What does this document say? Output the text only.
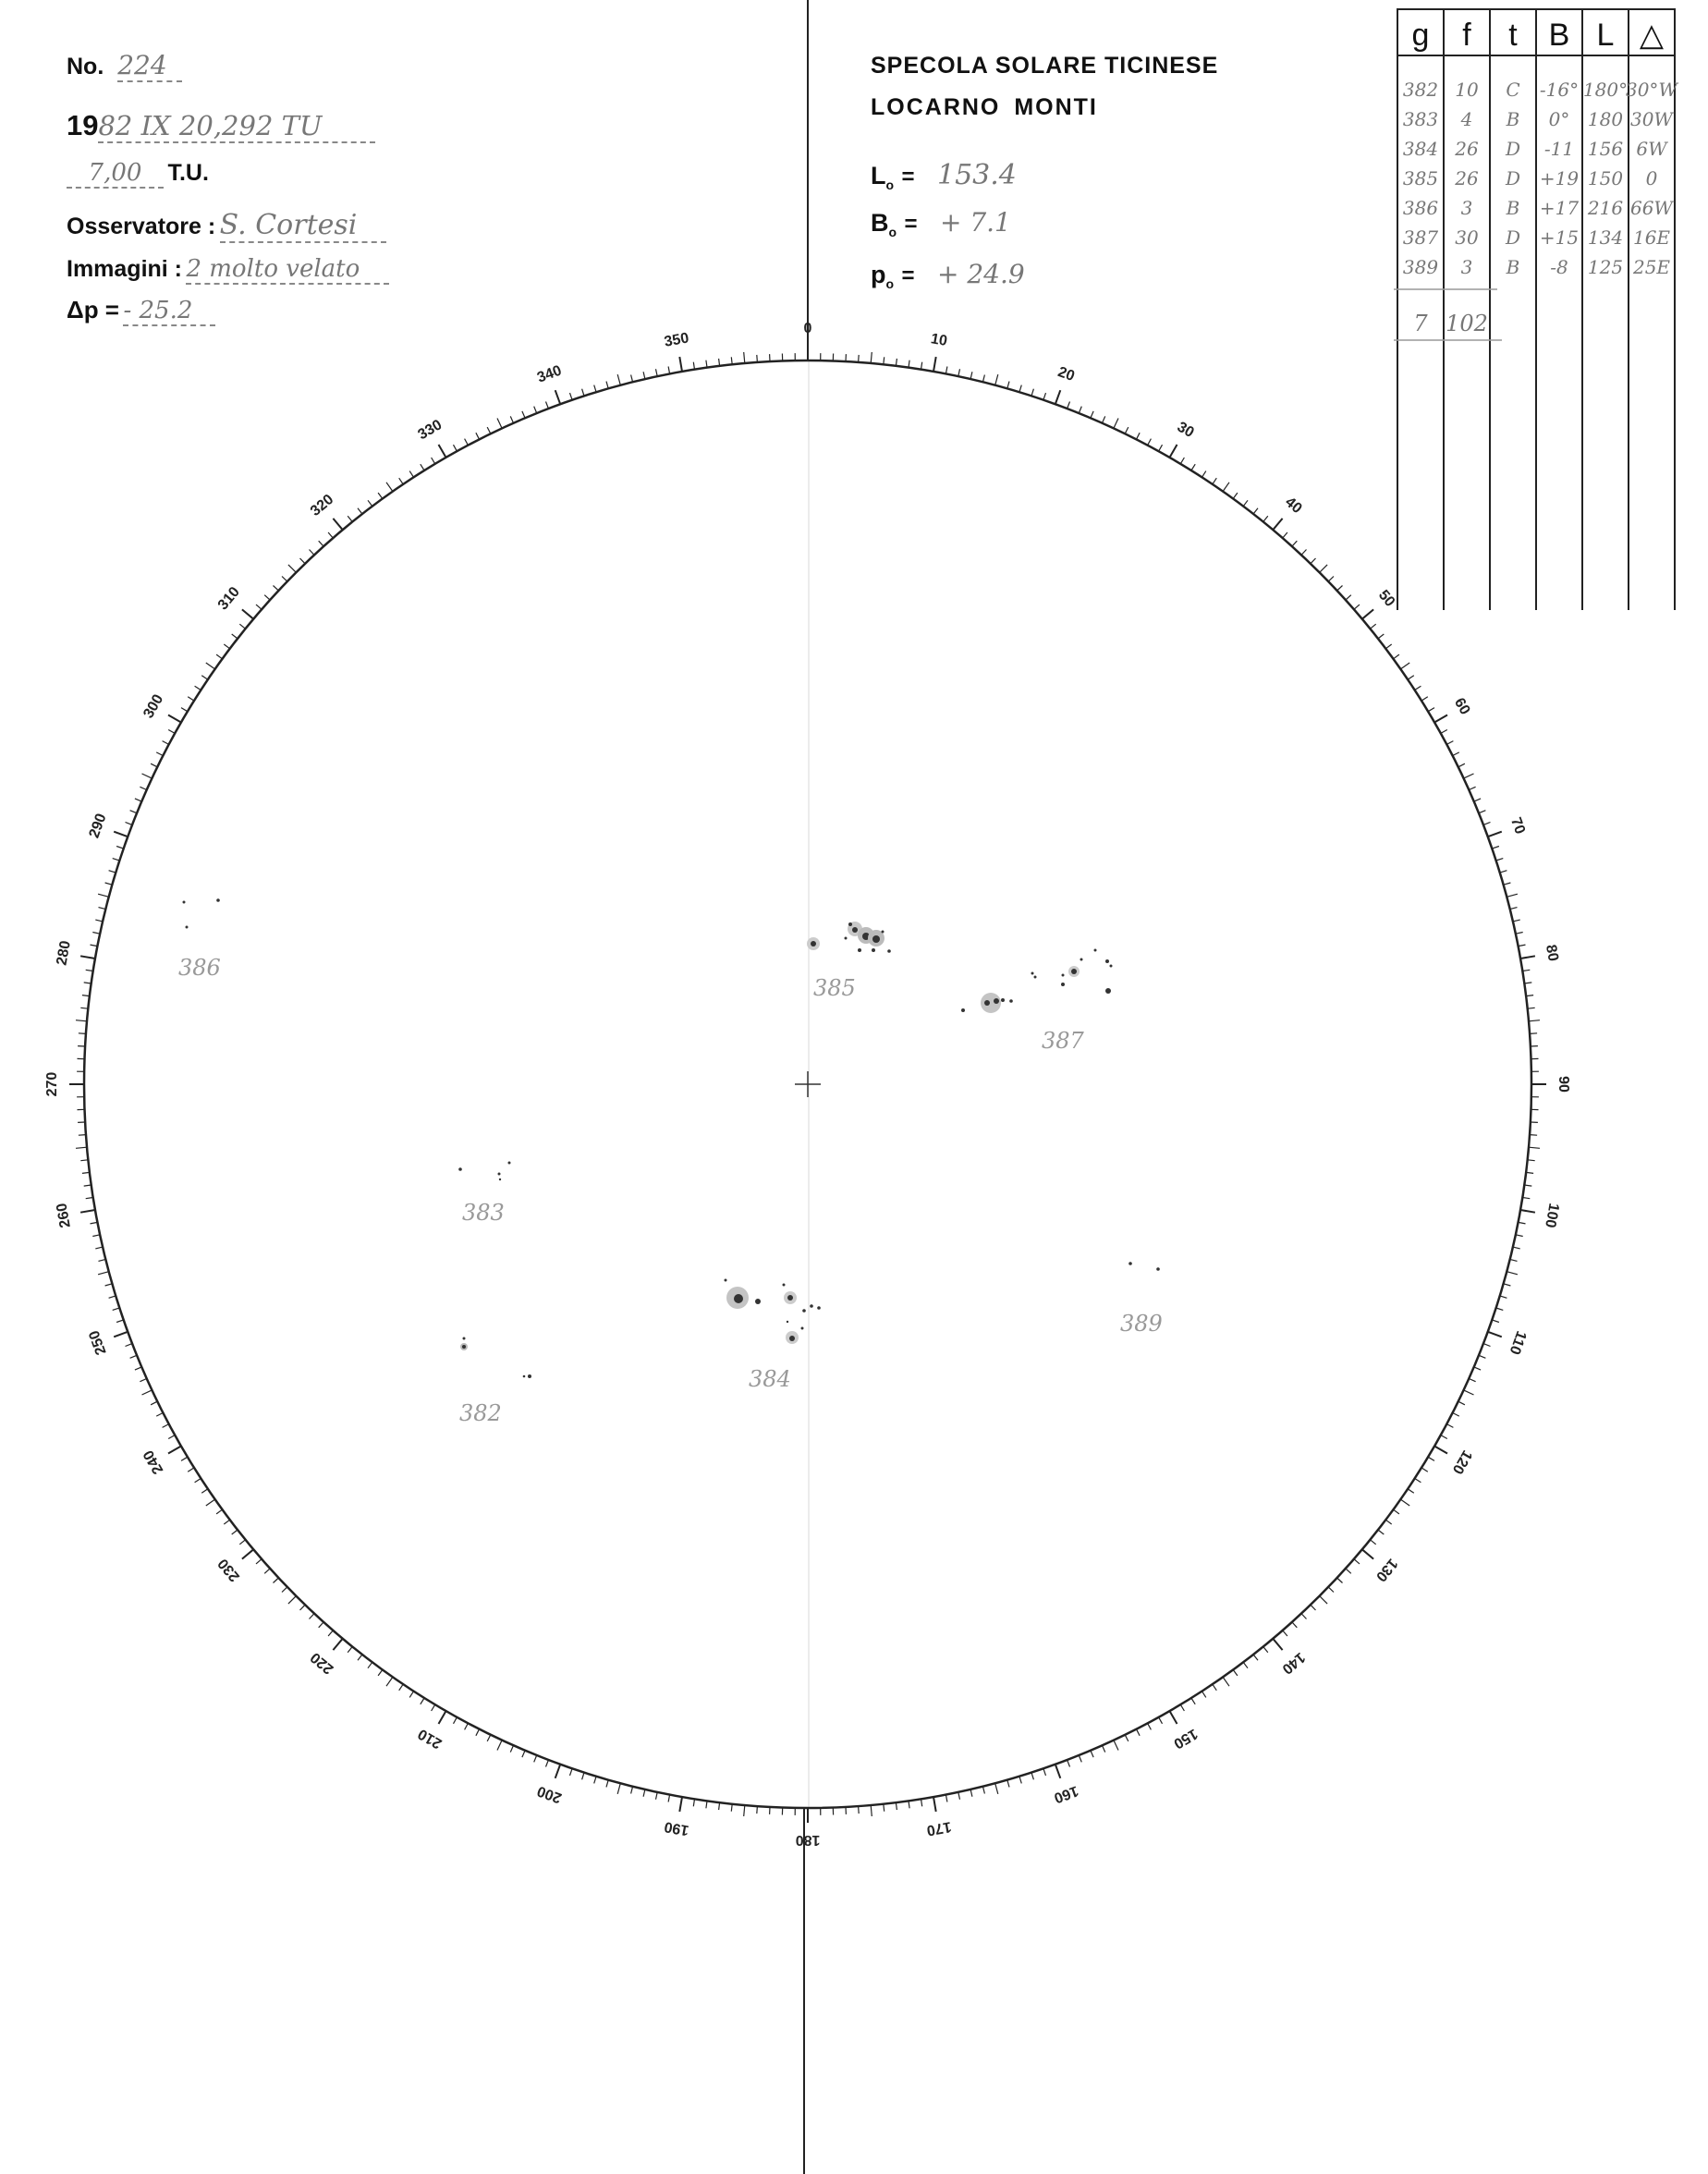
g f t B L △
382 10 C -16° 180°
30°W
383 4 B 0° 180 30W
384 26 D -11 156 6W
385 26 D +19 150 0
386 3 B +17 216 66W
387 30 D +15 134 16E
389 3 B -8 125 25E
7 102
0
10
20
30
40
50
60
70
80
90
100
110
120
130
140
150
160
170
180
190
200
210
220
230
240
250
260
270
280
290
300
310
320
330
340
350
385
387
386
383
384
382
389
No. 224
1982 IX 20,292 TU
7,00 T.U.
Osservatore : S. Cortesi
Immagini : 2 molto velato
Δp = - 25.2
SPECOLA SOLARE TICINESE
LOCARNO MONTI
Lo = 153.4
Bo = + 7.1
po = + 24.9
